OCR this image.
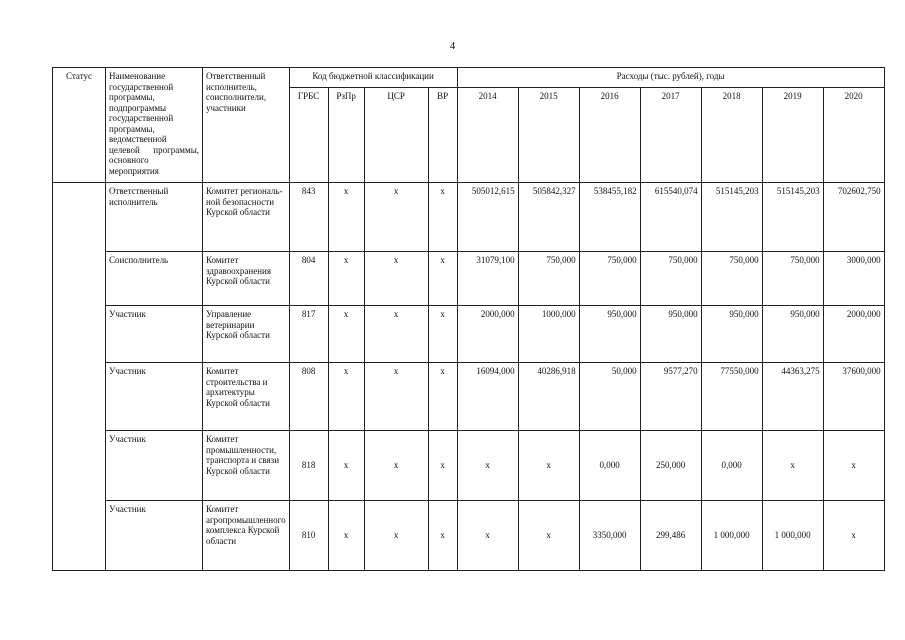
4
Статус	Наименование государственной программы, подпрограммы государственной программы, ведомственной целевой программы, основного мероприятия	Ответственный исполнитель, соисполнители, участники	Код бюджетной классификации				Расходы (тыс. рублей), годы						
			ГРБС	РзПр	ЦСР	ВР	2014	2015	2016	2017	2018	2019	2020
	Ответственный исполнитель	Комитет региональной безопасности Курской области	843	х	х	х	505012,615	505842,327	538455,182	615540,074	515145,203	515145,203	702602,750
	Соисполнитель	Комитет здравоохранения Курской области	804	х	х	х	31079,100	750,000	750,000	750,000	750,000	750,000	3000,000
	Участник	Управление ветеринарии Курской области	817	х	х	х	2000,000	1000,000	950,000	950,000	950,000	950,000	2000,000
	Участник	Комитет строительства и архитектуры Курской области	808	х	х	х	16094,000	40286,918	50,000	9577,270	77550,000	44363,275	37600,000
	Участник	Комитет промышленности, транспорта и связи Курской области	818	х	х	х	х	х	0,000	250,000	0,000	х	х
	Участник	Комитет агропромышленного комплекса Курской области	810	х	х	х	х	х	3350,000	299,486	1 000,000	1 000,000	х
